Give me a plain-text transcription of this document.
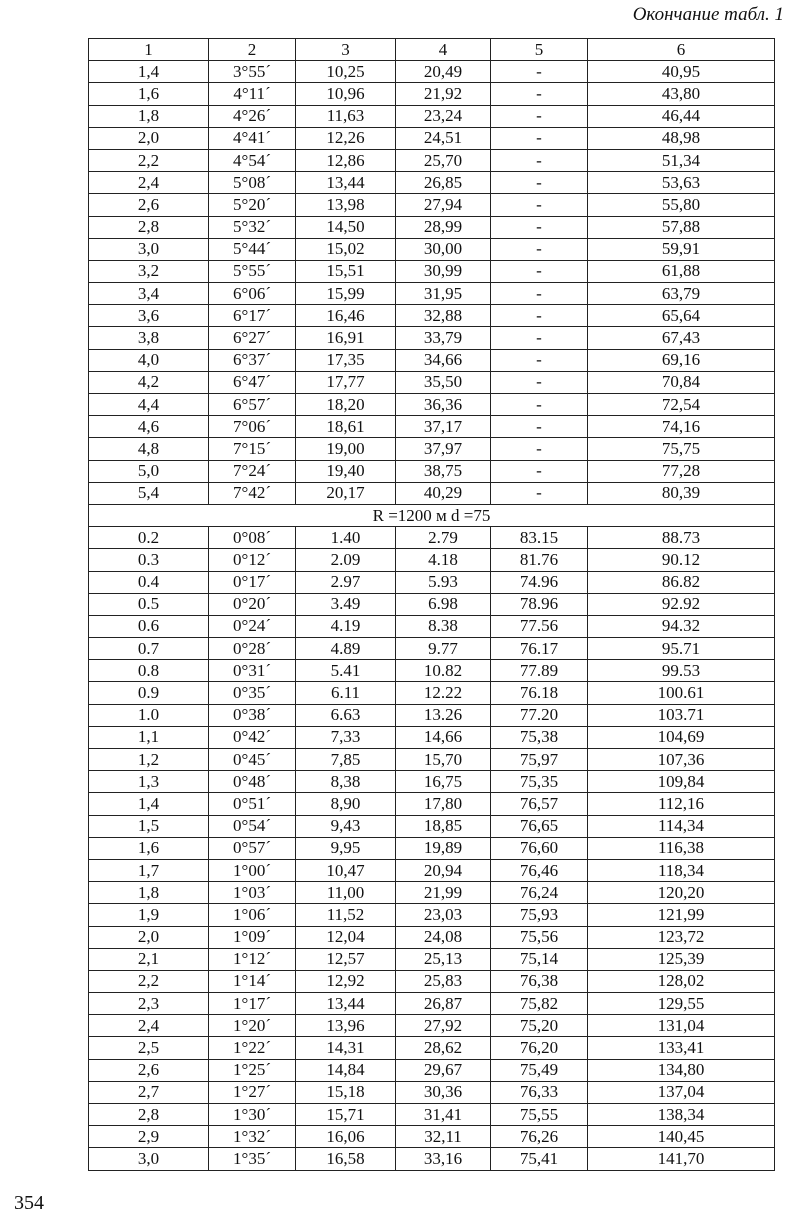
Окончание табл. 1
1	2	3	4	5	6
1,4	3°55´	10,25	20,49	-	40,95
1,6	4°11´	10,96	21,92	-	43,80
1,8	4°26´	11,63	23,24	-	46,44
2,0	4°41´	12,26	24,51	-	48,98
2,2	4°54´	12,86	25,70	-	51,34
2,4	5°08´	13,44	26,85	-	53,63
2,6	5°20´	13,98	27,94	-	55,80
2,8	5°32´	14,50	28,99	-	57,88
3,0	5°44´	15,02	30,00	-	59,91
3,2	5°55´	15,51	30,99	-	61,88
3,4	6°06´	15,99	31,95	-	63,79
3,6	6°17´	16,46	32,88	-	65,64
3,8	6°27´	16,91	33,79	-	67,43
4,0	6°37´	17,35	34,66	-	69,16
4,2	6°47´	17,77	35,50	-	70,84
4,4	6°57´	18,20	36,36	-	72,54
4,6	7°06´	18,61	37,17	-	74,16
4,8	7°15´	19,00	37,97	-	75,75
5,0	7°24´	19,40	38,75	-	77,28
5,4	7°42´	20,17	40,29	-	80,39
R =1200 м d =75					
0.2	0°08´	1.40	2.79	83.15	88.73
0.3	0°12´	2.09	4.18	81.76	90.12
0.4	0°17´	2.97	5.93	74.96	86.82
0.5	0°20´	3.49	6.98	78.96	92.92
0.6	0°24´	4.19	8.38	77.56	94.32
0.7	0°28´	4.89	9.77	76.17	95.71
0.8	0°31´	5.41	10.82	77.89	99.53
0.9	0°35´	6.11	12.22	76.18	100.61
1.0	0°38´	6.63	13.26	77.20	103.71
1,1	0°42´	7,33	14,66	75,38	104,69
1,2	0°45´	7,85	15,70	75,97	107,36
1,3	0°48´	8,38	16,75	75,35	109,84
1,4	0°51´	8,90	17,80	76,57	112,16
1,5	0°54´	9,43	18,85	76,65	114,34
1,6	0°57´	9,95	19,89	76,60	116,38
1,7	1°00´	10,47	20,94	76,46	118,34
1,8	1°03´	11,00	21,99	76,24	120,20
1,9	1°06´	11,52	23,03	75,93	121,99
2,0	1°09´	12,04	24,08	75,56	123,72
2,1	1°12´	12,57	25,13	75,14	125,39
2,2	1°14´	12,92	25,83	76,38	128,02
2,3	1°17´	13,44	26,87	75,82	129,55
2,4	1°20´	13,96	27,92	75,20	131,04
2,5	1°22´	14,31	28,62	76,20	133,41
2,6	1°25´	14,84	29,67	75,49	134,80
2,7	1°27´	15,18	30,36	76,33	137,04
2,8	1°30´	15,71	31,41	75,55	138,34
2,9	1°32´	16,06	32,11	76,26	140,45
3,0	1°35´	16,58	33,16	75,41	141,70
354
